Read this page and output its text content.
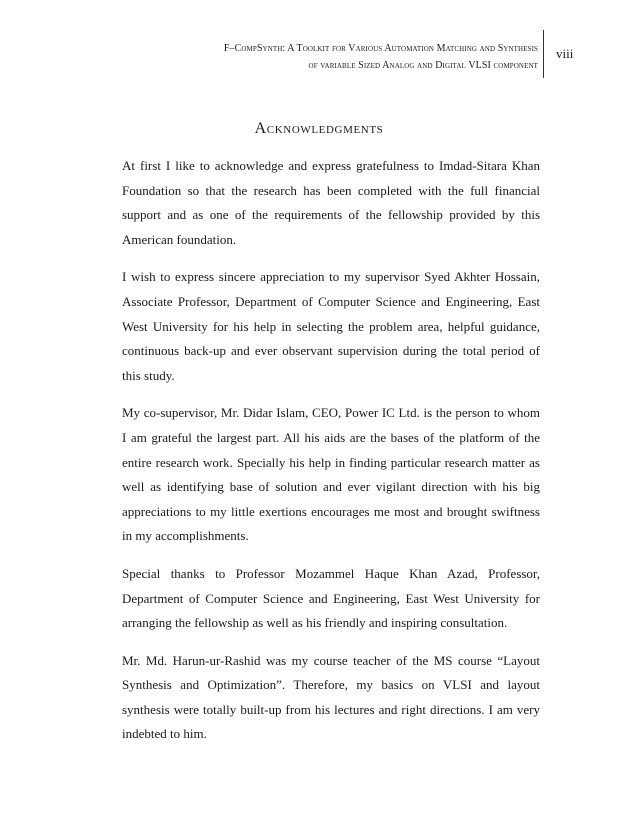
F–CompSynth: A Toolkit for Various Automation Matching and Synthesis
of variable Sized Analog and Digital VLSI component
viii
Acknowledgments

At first I like to acknowledge and express gratefulness to Imdad-Sitara Khan Foundation so that the research has been completed with the full financial support and as one of the requirements of the fellowship provided by this American foundation.

I wish to express sincere appreciation to my supervisor Syed Akhter Hossain, Associate Professor, Department of Computer Science and Engineering, East West University for his help in selecting the problem area, helpful guidance, continuous back-up and ever observant supervision during the total period of this study.

My co-supervisor, Mr. Didar Islam, CEO, Power IC Ltd. is the person to whom I am grateful the largest part. All his aids are the bases of the platform of the entire research work. Specially his help in finding particular research matter as well as identifying base of solution and ever vigilant direction with his big appreciations to my little exertions encourages me most and brought swiftness in my accomplishments.

Special thanks to Professor Mozammel Haque Khan Azad, Professor, Department of Computer Science and Engineering, East West University for arranging the fellowship as well as his friendly and inspiring consultation.

Mr. Md. Harun-ur-Rashid was my course teacher of the MS course “Layout Synthesis and Optimization”. Therefore, my basics on VLSI and layout synthesis were totally built-up from his lectures and right directions. I am very indebted to him.
